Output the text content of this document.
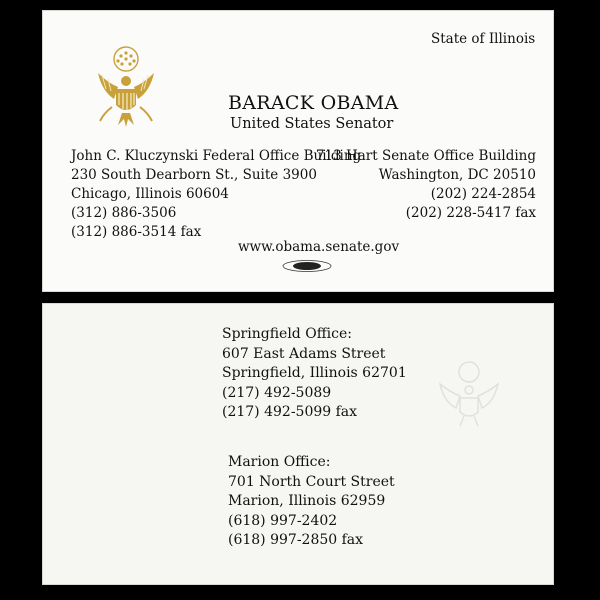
State of Illinois
BARACK OBAMA
United States Senator
John C. Kluczynski Federal Office Building
230 South Dearborn St., Suite 3900
Chicago, Illinois 60604
(312) 886-3506
(312) 886-3514 fax
713 Hart Senate Office Building
Washington, DC 20510
(202) 224-2854
(202) 228-5417 fax
www.obama.senate.gov
Springfield Office:
607 East Adams Street
Springfield, Illinois 62701
(217) 492-5089
(217) 492-5099 fax
Marion Office:
701 North Court Street
Marion, Illinois 62959
(618) 997-2402
(618) 997-2850 fax
